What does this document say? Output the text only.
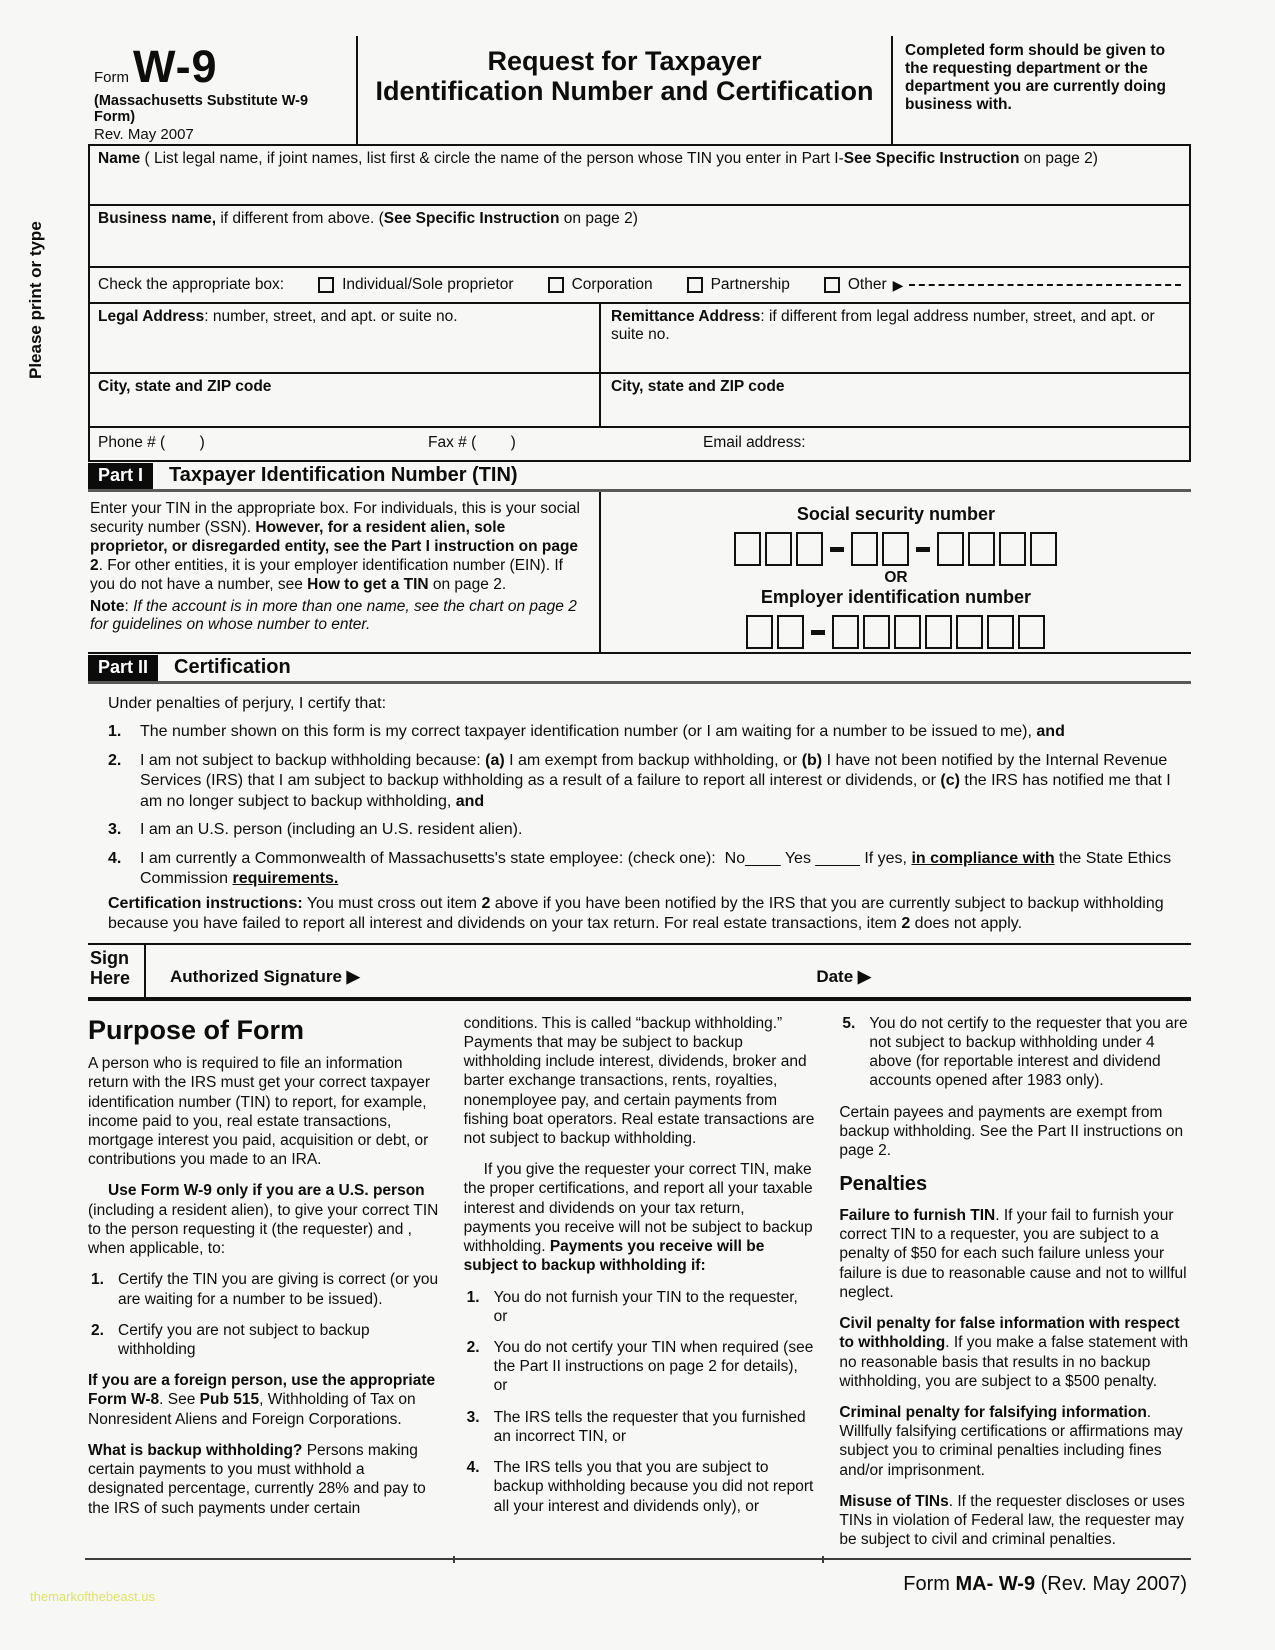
Please print or type
Form W-9
(Massachusetts Substitute W-9 Form)
Rev. May 2007
Request for Taxpayer
Identification Number and Certification
Completed form should be given to the requesting department or the department you are currently doing business with.
Name ( List legal name, if joint names, list first & circle the name of the person whose TIN you enter in Part I-See Specific Instruction on page 2)
Business name, if different from above. (See Specific Instruction on page 2)
Check the appropriate box:	Individual/Sole proprietor	Corporation	Partnership	Other ▶
Legal Address: number, street, and apt. or suite no.	Remittance Address: if different from legal address number, street, and apt. or suite no.
City, state and ZIP code	City, state and ZIP code
Phone # (        )	Fax # (        )	Email address:
Part I	Taxpayer Identification Number (TIN)
Enter your TIN in the appropriate box. For individuals, this is your social security number (SSN). However, for a resident alien, sole proprietor, or disregarded entity, see the Part I instruction on page 2. For other entities, it is your employer identification number (EIN). If you do not have a number, see How to get a TIN on page 2.
Note: If the account is in more than one name, see the chart on page 2 for guidelines on whose number to enter.
Social security number
OR
Employer identification number
Part II	Certification
Under penalties of perjury, I certify that:
1.	The number shown on this form is my correct taxpayer identification number (or I am waiting for a number to be issued to me), and
2.	I am not subject to backup withholding because: (a) I am exempt from backup withholding, or (b) I have not been notified by the Internal Revenue Services (IRS) that I am subject to backup withholding as a result of a failure to report all interest or dividends, or (c) the IRS has notified me that I am no longer subject to backup withholding, and
3.	I am an U.S. person (including an U.S. resident alien).
4.	I am currently a Commonwealth of Massachusetts's state employee: (check one):  No____ Yes _____ If yes, in compliance with the State Ethics Commission requirements.
Certification instructions: You must cross out item 2 above if you have been notified by the IRS that you are currently subject to backup withholding because you have failed to report all interest and dividends on your tax return. For real estate transactions, item 2 does not apply.
Sign
Here	Authorized Signature ▶	Date ▶
Purpose of Form

A person who is required to file an information return with the IRS must get your correct taxpayer identification number (TIN) to report, for example, income paid to you, real estate transactions, mortgage interest you paid, acquisition or debt, or contributions you made to an IRA.

Use Form W-9 only if you are a U.S. person (including a resident alien), to give your correct TIN to the person requesting it (the requester) and , when applicable, to:

1. Certify the TIN you are giving is correct (or you are waiting for a number to be issued).
2. Certify you are not subject to backup withholding

If you are a foreign person, use the appropriate Form W-8. See Pub 515, Withholding of Tax on Nonresident Aliens and Foreign Corporations.

What is backup withholding? Persons making certain payments to you must withhold a designated percentage, currently 28% and pay to the IRS of such payments under certain

conditions. This is called “backup withholding.” Payments that may be subject to backup withholding include interest, dividends, broker and barter exchange transactions, rents, royalties, nonemployee pay, and certain payments from fishing boat operators. Real estate transactions are not subject to backup withholding.

If you give the requester your correct TIN, make the proper certifications, and report all your taxable interest and dividends on your tax return, payments you receive will not be subject to backup withholding. Payments you receive will be subject to backup withholding if:

1. You do not furnish your TIN to the requester, or
2. You do not certify your TIN when required (see the Part II instructions on page 2 for details), or
3. The IRS tells the requester that you furnished an incorrect TIN, or
4. The IRS tells you that you are subject to backup withholding because you did not report all your interest and dividends only), or
5. You do not certify to the requester that you are not subject to backup withholding under 4 above (for reportable interest and dividend accounts opened after 1983 only).

Certain payees and payments are exempt from backup withholding. See the Part II instructions on page 2.

Penalties

Failure to furnish TIN. If your fail to furnish your correct TIN to a requester, you are subject to a penalty of $50 for each such failure unless your failure is due to reasonable cause and not to willful neglect.

Civil penalty for false information with respect to withholding. If you make a false statement with no reasonable basis that results in no backup withholding, you are subject to a $500 penalty.

Criminal penalty for falsifying information. Willfully falsifying certifications or affirmations may subject you to criminal penalties including fines and/or imprisonment.

Misuse of TINs. If the requester discloses or uses TINs in violation of Federal law, the requester may be subject to civil and criminal penalties.

themarkofthebeast.us
Form MA- W-9 (Rev. May 2007)
